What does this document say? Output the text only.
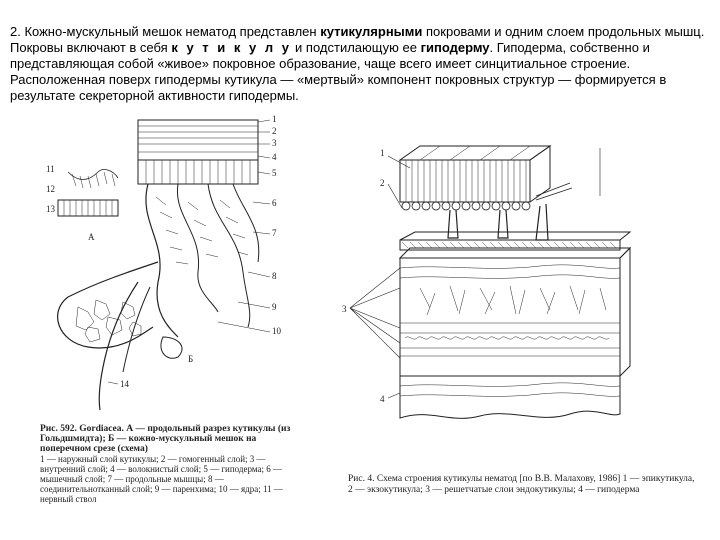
2. Кожно-мускульный мешок нематод представлен кутикулярными покровами и одним слоем продольных мышц. Покровы включают в себя к у т и к у л у и подстилающую ее гиподерму. Гиподерма, собственно и представляющая собой «живое» покровное образование, чаще всего имеет синцитиальное строение. Расположенная поверх гиподермы кутикула — «мертвый» компонент покровных структур — формируется в результате секреторной активности гиподермы.
1
2
3
4
5
6
7
8
9
10
11
12
13
14
А
Б
Рис. 592. Gordiacea. А — продольный разрез кутикулы (из Гольдшмидта); Б — кожно-мускульный мешок на поперечном срезе (схема)
1 — наружный слой кутикулы; 2 — гомогенный слой; 3 — внутренний слой; 4 — волокнистый слой; 5 — гиподерма; 6 — мышечный слой; 7 — продольные мышцы; 8 — соединительнотканный слой; 9 — паренхима; 10 — ядра; 11 — нервный ствол
1
2
3
4
Рис. 4. Схема строения кутикулы нематод [по В.В. Малахову, 1986] 1 — эпикутикула, 2 — экзокутикула; 3 — решетчатые слои эндокутикулы; 4 — гиподерма
